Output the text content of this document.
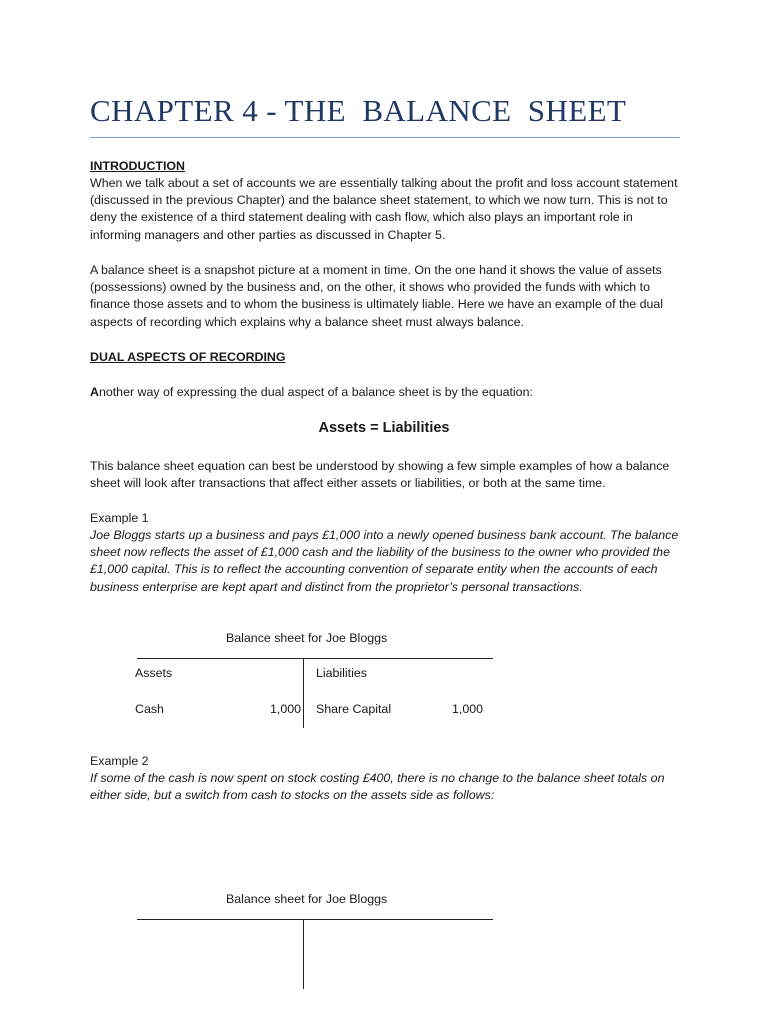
CHAPTER 4 - THE  BALANCE  SHEET

INTRODUCTION

When we talk about a set of accounts we are essentially talking about the profit and loss account statement (discussed in the previous Chapter) and the balance sheet statement, to which we now turn. This is not to deny the existence of a third statement dealing with cash flow, which also plays an important role in informing managers and other parties as discussed in Chapter 5.

A balance sheet is a snapshot picture at a moment in time. On the one hand it shows the value of assets (possessions) owned by the business and, on the other, it shows who provided the funds with which to finance those assets and to whom the business is ultimately liable. Here we have an example of the dual aspects of recording which explains why a balance sheet must always balance.

DUAL ASPECTS OF RECORDING

Another way of expressing the dual aspect of a balance sheet is by the equation:

Assets = Liabilities

This balance sheet equation can best be understood by showing a few simple examples of how a balance sheet will look after transactions that affect either assets or liabilities, or both at the same time.

Example 1

Joe Bloggs starts up a business and pays £1,000 into a newly opened business bank account. The balance sheet now reflects the asset of £1,000 cash and the liability of the business to the owner who provided the £1,000 capital. This is to reflect the accounting convention of separate entity when the accounts of each business enterprise are kept apart and distinct from the proprietor’s personal transactions.

Balance sheet for Joe Bloggs

Assets	Liabilities

Cash	1,000 Share Capital	1,000

Example 2

If some of the cash is now spent on stock costing £400, there is no change to the balance sheet totals on either side, but a switch from cash to stocks on the assets side as follows:

Balance sheet for Joe Bloggs
